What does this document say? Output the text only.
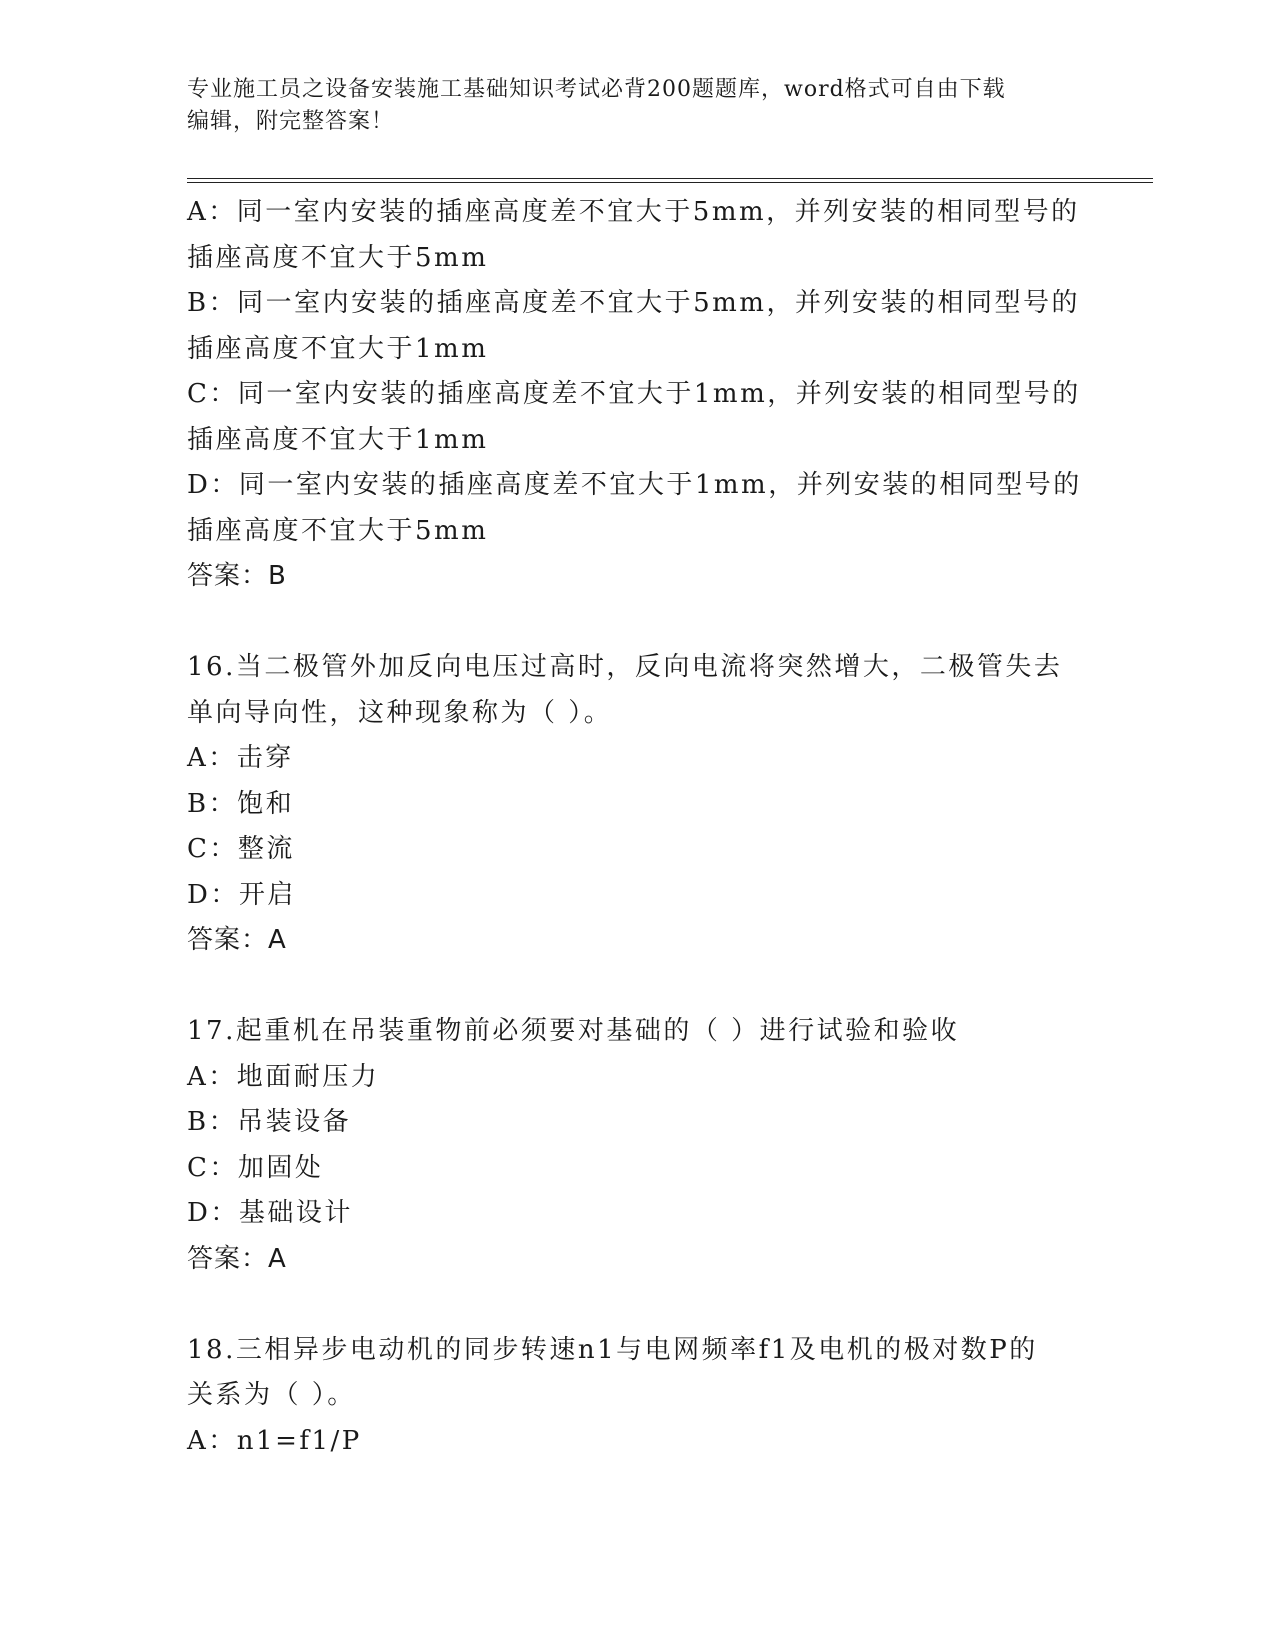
专业施工员之设备安装施工基础知识考试必背200题题库，word格式可自由下载
编辑，附完整答案！
A：同一室内安装的插座高度差不宜大于5mm，并列安装的相同型号的
插座高度不宜大于5mm
B：同一室内安装的插座高度差不宜大于5mm，并列安装的相同型号的
插座高度不宜大于1mm
C：同一室内安装的插座高度差不宜大于1mm，并列安装的相同型号的
插座高度不宜大于1mm
D：同一室内安装的插座高度差不宜大于1mm，并列安装的相同型号的
插座高度不宜大于5mm
答案：B
16.当二极管外加反向电压过高时，反向电流将突然增大，二极管失去
单向导向性，这种现象称为（ ）。
A：击穿
B：饱和
C：整流
D：开启
答案：A
17.起重机在吊装重物前必须要对基础的（ ）进行试验和验收
A：地面耐压力
B：吊装设备
C：加固处
D：基础设计
答案：A
18.三相异步电动机的同步转速n1与电网频率f1及电机的极对数P的
关系为（ ）。
A：n1=f1/P
